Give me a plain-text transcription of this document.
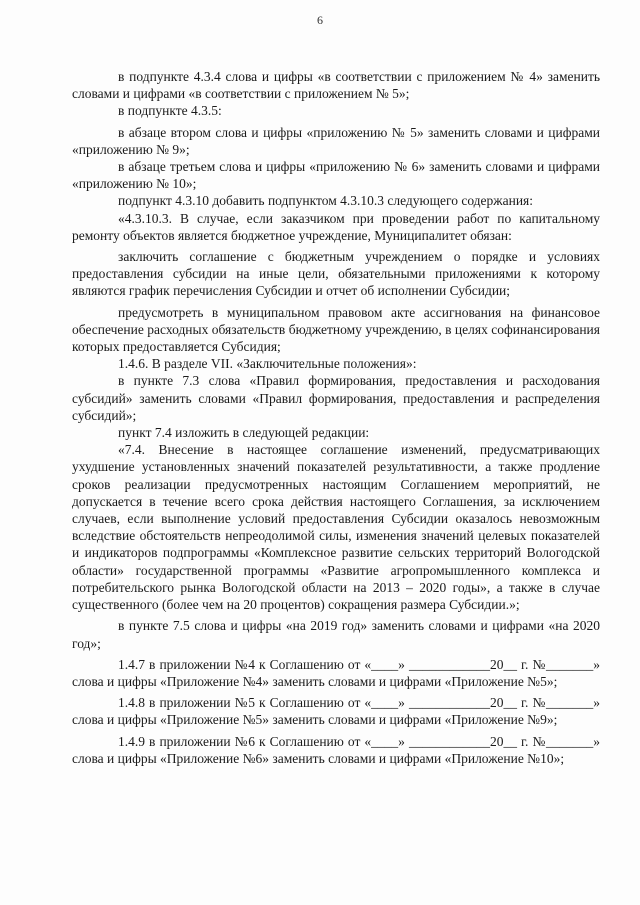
6

в подпункте 4.3.4 слова и цифры «в соответствии с приложением № 4» заменить словами и цифрами «в соответствии с приложением № 5»;

в подпункте 4.3.5:

в абзаце втором слова и цифры «приложению № 5» заменить словами и цифрами «приложению № 9»;

в абзаце третьем слова и цифры «приложению № 6» заменить словами и цифрами «приложению № 10»;

подпункт 4.3.10 добавить подпунктом 4.3.10.3 следующего содержания:

«4.3.10.3. В случае, если заказчиком при проведении работ по капитальному ремонту объектов является бюджетное учреждение, Муниципалитет обязан:

заключить соглашение с бюджетным учреждением о порядке и условиях предоставления субсидии на иные цели, обязательными приложениями к которому являются график перечисления Субсидии и отчет об исполнении Субсидии;

предусмотреть в муниципальном правовом акте ассигнования на финансовое обеспечение расходных обязательств бюджетному учреждению, в целях софинансирования которых предоставляется Субсидия;

1.4.6. В разделе VII. «Заключительные положения»:

в пункте 7.3 слова «Правил формирования, предоставления и расходования субсидий» заменить словами «Правил формирования, предоставления и распределения субсидий»;

пункт 7.4 изложить в следующей редакции:

«7.4. Внесение в настоящее соглашение изменений, предусматривающих ухудшение установленных значений показателей результативности, а также продление сроков реализации предусмотренных настоящим Соглашением мероприятий, не допускается в течение всего срока действия настоящего Соглашения, за исключением случаев, если выполнение условий предоставления Субсидии оказалось невозможным вследствие обстоятельств непреодолимой силы, изменения значений целевых показателей и индикаторов подпрограммы «Комплексное развитие сельских территорий Вологодской области» государственной программы «Развитие агропромышленного комплекса и потребительского рынка Вологодской области на 2013 – 2020 годы», а также в случае существенного (более чем на 20 процентов) сокращения размера Субсидии.»;

в пункте 7.5 слова и цифры «на 2019 год» заменить словами и цифрами «на 2020 год»;

1.4.7 в приложении №4 к Соглашению от «____» ____________20__ г. №_______» слова и цифры «Приложение №4» заменить словами и цифрами «Приложение №5»;

1.4.8 в приложении №5 к Соглашению от «____» ____________20__ г. №_______» слова и цифры «Приложение №5» заменить словами и цифрами «Приложение №9»;

1.4.9 в приложении №6 к Соглашению от «____» ____________20__ г. №_______» слова и цифры «Приложение №6» заменить словами и цифрами «Приложение №10»;
